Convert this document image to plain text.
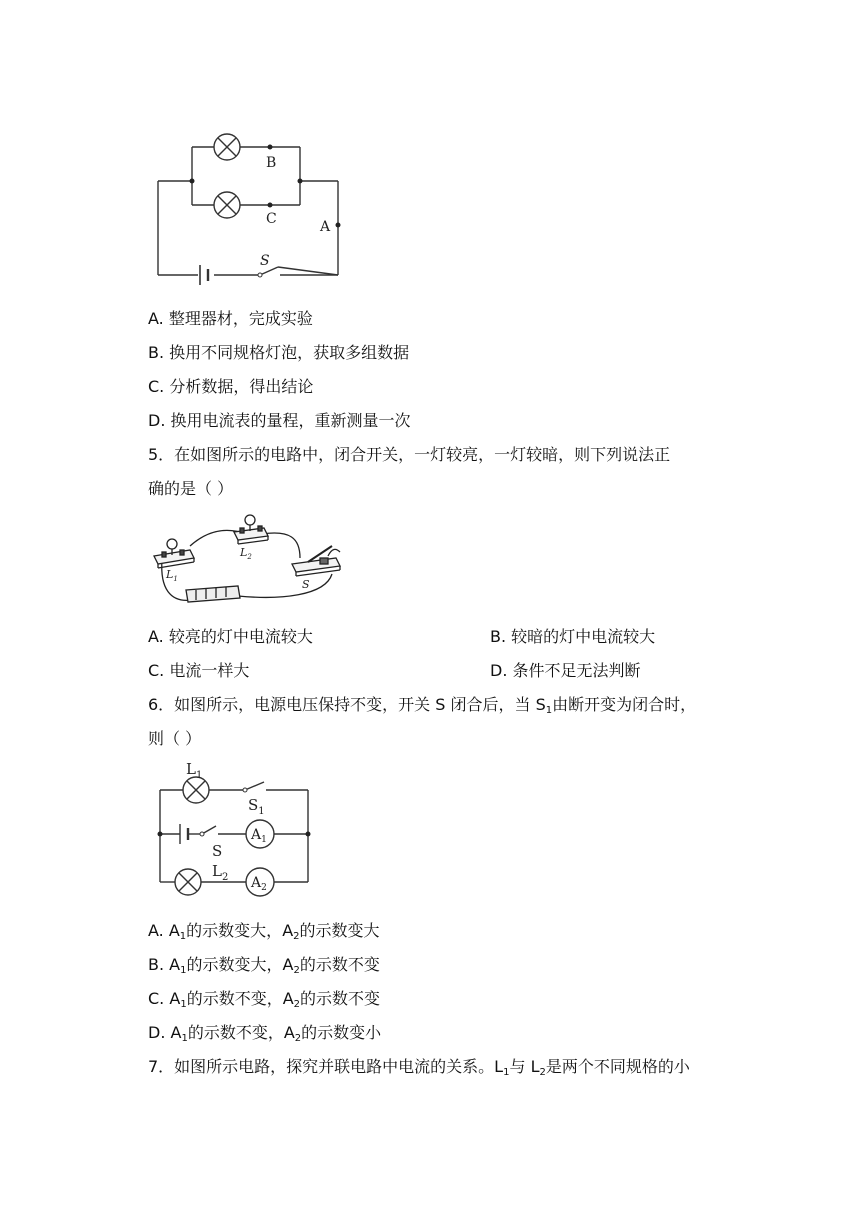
B
C	A
S
A. 整理器材，完成实验
B. 换用不同规格灯泡，获取多组数据
C. 分析数据，得出结论
D. 换用电流表的量程，重新测量一次
5．在如图所示的电路中，闭合开关，一灯较亮，一灯较暗，则下列说法正
确的是（ ）
$L_1$
$L_2$
S
A. 较亮的灯中电流较大	B. 较暗的灯中电流较大
C. 电流一样大	D. 条件不足无法判断
6．如图所示，电源电压保持不变，开关 S 闭合后，当 $S_1$由断开变为闭合时，
则（ ）
$L_1$
$S_1$
S
$A_1$
$L_2$ $A_2$
A. $A_1$的示数变大，$A_2$的示数变大
B. $A_1$的示数变大，$A_2$的示数不变
C. $A_1$的示数不变，$A_2$的示数不变
D. $A_1$的示数不变，$A_2$的示数变小
7．如图所示电路，探究并联电路中电流的关系。$L_1$与 $L_2$是两个不同规格的小
